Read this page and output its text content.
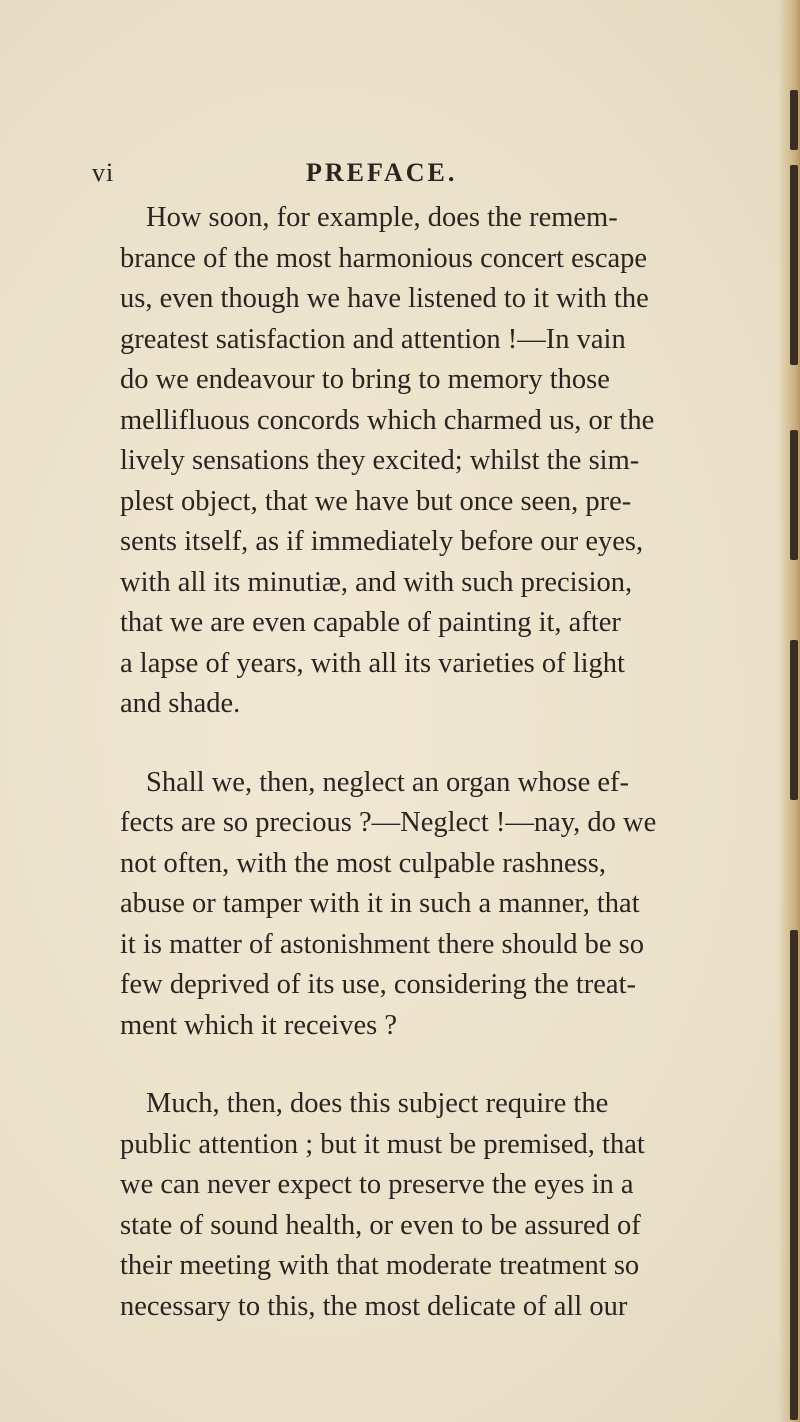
vi	PREFACE.
How soon, for example, does the remem-
brance of the most harmonious concert escape
us, even though we have listened to it with the
greatest satisfaction and attention !—In vain
do we endeavour to bring to memory those
mellifluous concords which charmed us, or the
lively sensations they excited; whilst the sim-
plest object, that we have but once seen, pre-
sents itself, as if immediately before our eyes,
with all its minutiæ, and with such precision,
that we are even capable of painting it, after
a lapse of years, with all its varieties of light
and shade.
Shall we, then, neglect an organ whose ef-
fects are so precious ?—Neglect !—nay, do we
not often, with the most culpable rashness,
abuse or tamper with it in such a manner, that
it is matter of astonishment there should be so
few deprived of its use, considering the treat-
ment which it receives ?
Much, then, does this subject require the
public attention ; but it must be premised, that
we can never expect to preserve the eyes in a
state of sound health, or even to be assured of
their meeting with that moderate treatment so
necessary to this, the most delicate of all our
